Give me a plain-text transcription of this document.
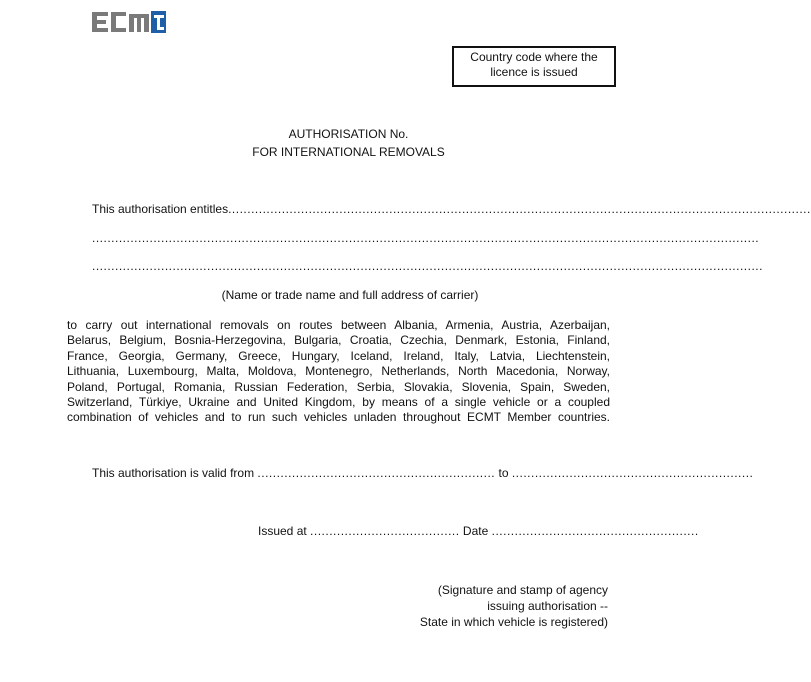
Country code where the
licence is issued
AUTHORISATION No.
FOR INTERNATIONAL REMOVALS
This authorisation entitles ........................................................................................................................................................
..............................................................................................................................................................................
...............................................................................................................................................................................
(Name or trade name and full address of carrier)
to carry out international removals on routes between Albania, Armenia, Austria, Azerbaijan,
Belarus, Belgium, Bosnia-Herzegovina, Bulgaria, Croatia, Czechia, Denmark, Estonia, Finland,
France, Georgia, Germany, Greece, Hungary, Iceland, Ireland, Italy, Latvia, Liechtenstein,
Lithuania, Luxembourg, Malta, Moldova, Montenegro, Netherlands, North Macedonia, Norway,
Poland, Portugal, Romania, Russian Federation, Serbia, Slovakia, Slovenia, Spain, Sweden,
Switzerland, Türkiye, Ukraine and United Kingdom, by means of a single vehicle or a coupled
combination of vehicles and to run such vehicles unladen throughout ECMT Member countries.
This authorisation is valid from
..............................................................
to
...............................................................
Issued at
.......................................
Date
......................................................
(Signature and stamp of agency
issuing authorisation --
State in which vehicle is registered)
